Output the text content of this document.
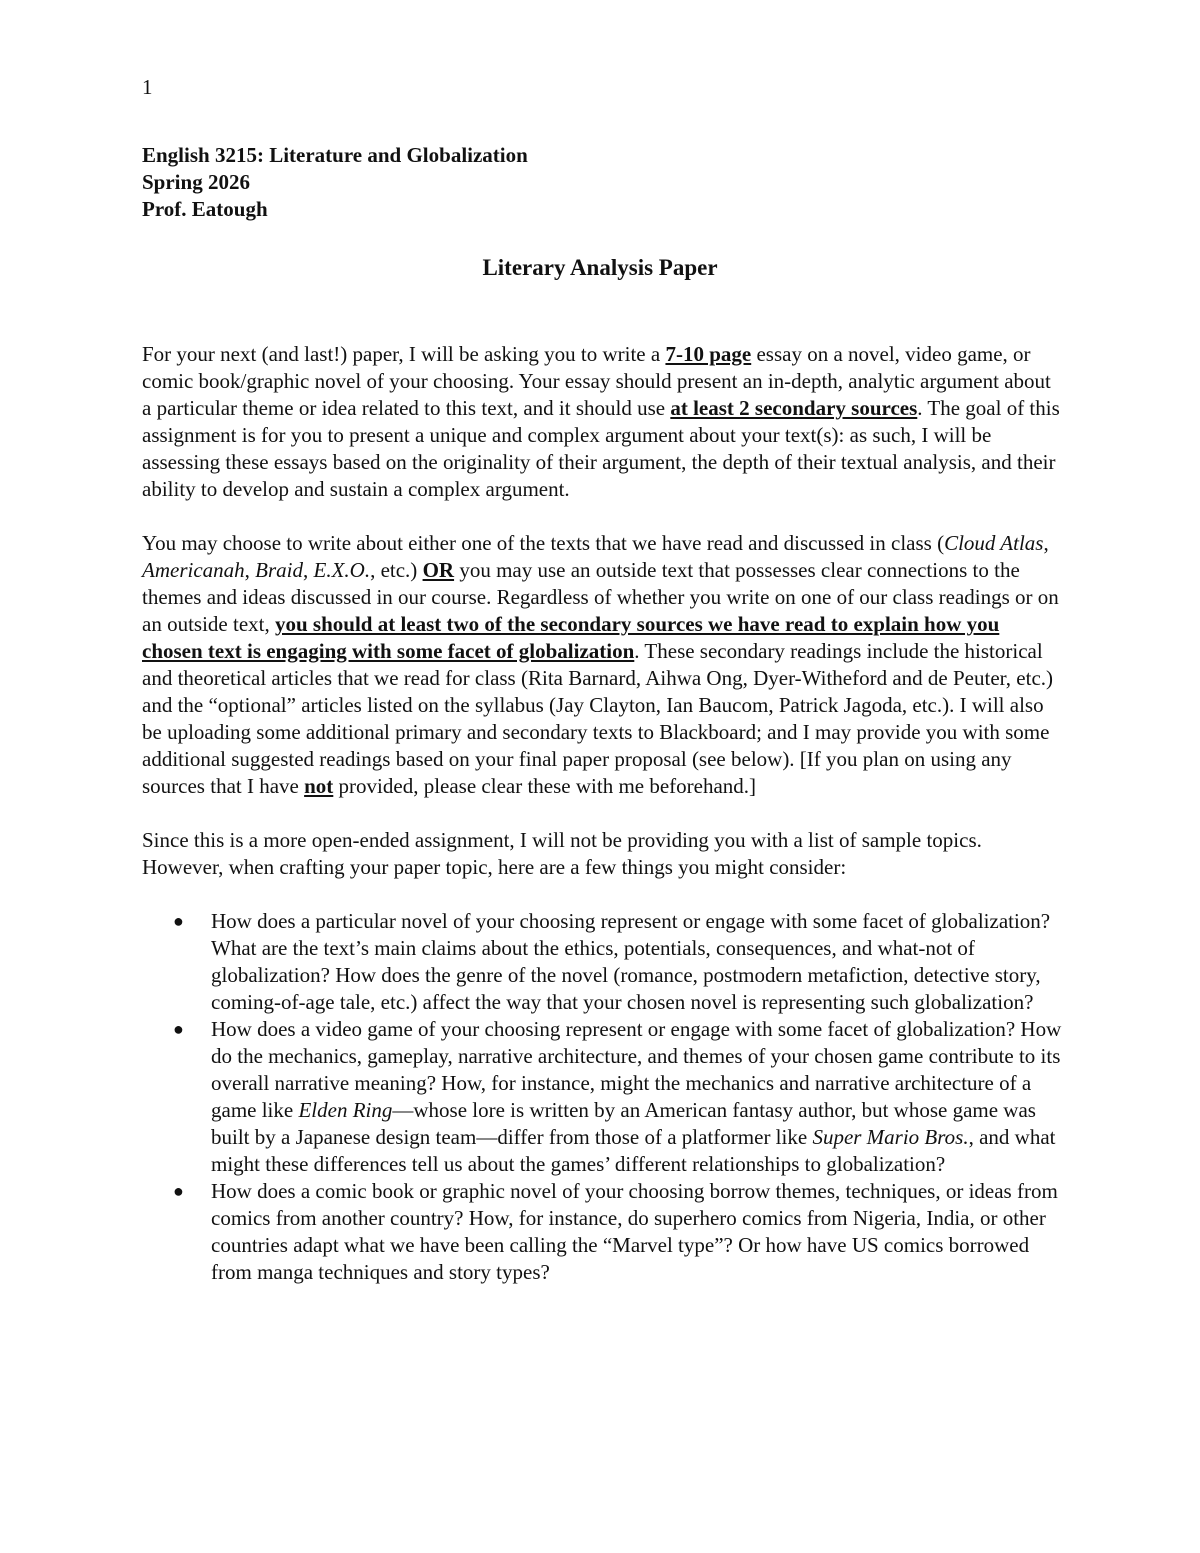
1
English 3215: Literature and Globalization
Spring 2026
Prof. Eatough
Literary Analysis Paper

For your next (and last!) paper, I will be asking you to write a 7-10 page essay on a novel, video game, or comic book/graphic novel of your choosing. Your essay should present an in-depth, analytic argument about a particular theme or idea related to this text, and it should use at least 2 secondary sources. The goal of this assignment is for you to present a unique and complex argument about your text(s): as such, I will be assessing these essays based on the originality of their argument, the depth of their textual analysis, and their ability to develop and sustain a complex argument.

You may choose to write about either one of the texts that we have read and discussed in class (Cloud Atlas, Americanah, Braid, E.X.O., etc.) OR you may use an outside text that possesses clear connections to the themes and ideas discussed in our course. Regardless of whether you write on one of our class readings or on an outside text, you should at least two of the secondary sources we have read to explain how you chosen text is engaging with some facet of globalization. These secondary readings include the historical and theoretical articles that we read for class (Rita Barnard, Aihwa Ong, Dyer-Witheford and de Peuter, etc.) and the “optional” articles listed on the syllabus (Jay Clayton, Ian Baucom, Patrick Jagoda, etc.). I will also be uploading some additional primary and secondary texts to Blackboard; and I may provide you with some additional suggested readings based on your final paper proposal (see below). [If you plan on using any sources that I have not provided, please clear these with me beforehand.]

Since this is a more open-ended assignment, I will not be providing you with a list of sample topics. However, when crafting your paper topic, here are a few things you might consider:

● How does a particular novel of your choosing represent or engage with some facet of globalization? What are the text’s main claims about the ethics, potentials, consequences, and what-not of globalization? How does the genre of the novel (romance, postmodern metafiction, detective story, coming-of-age tale, etc.) affect the way that your chosen novel is representing such globalization?
● How does a video game of your choosing represent or engage with some facet of globalization? How do the mechanics, gameplay, narrative architecture, and themes of your chosen game contribute to its overall narrative meaning? How, for instance, might the mechanics and narrative architecture of a game like Elden Ring—whose lore is written by an American fantasy author, but whose game was built by a Japanese design team—differ from those of a platformer like Super Mario Bros., and what might these differences tell us about the games’ different relationships to globalization?
● How does a comic book or graphic novel of your choosing borrow themes, techniques, or ideas from comics from another country? How, for instance, do superhero comics from Nigeria, India, or other countries adapt what we have been calling the “Marvel type”? Or how have US comics borrowed from manga techniques and story types?
